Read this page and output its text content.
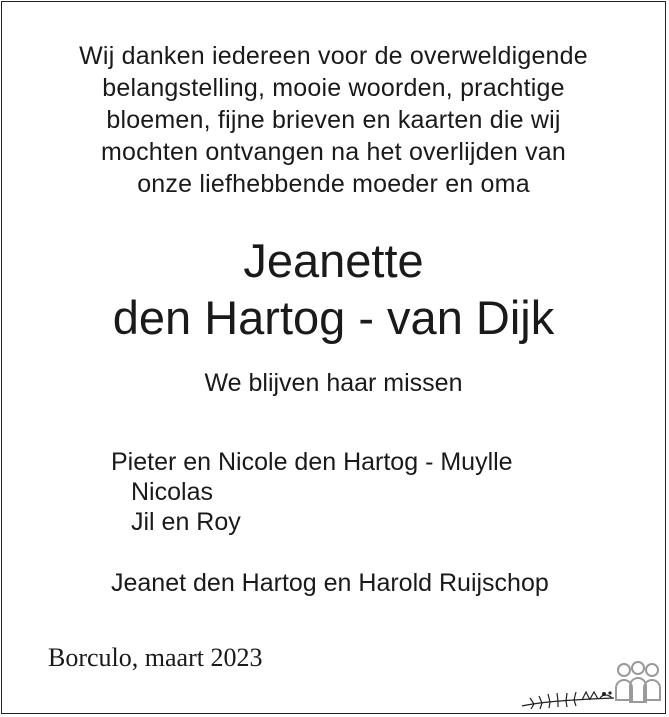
Wij danken iedereen voor de overweldigende
belangstelling, mooie woorden, prachtige
bloemen, fijne brieven en kaarten die wij
mochten ontvangen na het overlijden van
onze liefhebbende moeder en oma
Jeanette
den Hartog - van Dijk
We blijven haar missen
Pieter en Nicole den Hartog - Muylle
Nicolas
Jil en Roy
Jeanet den Hartog en Harold Ruijschop
Borculo, maart 2023
